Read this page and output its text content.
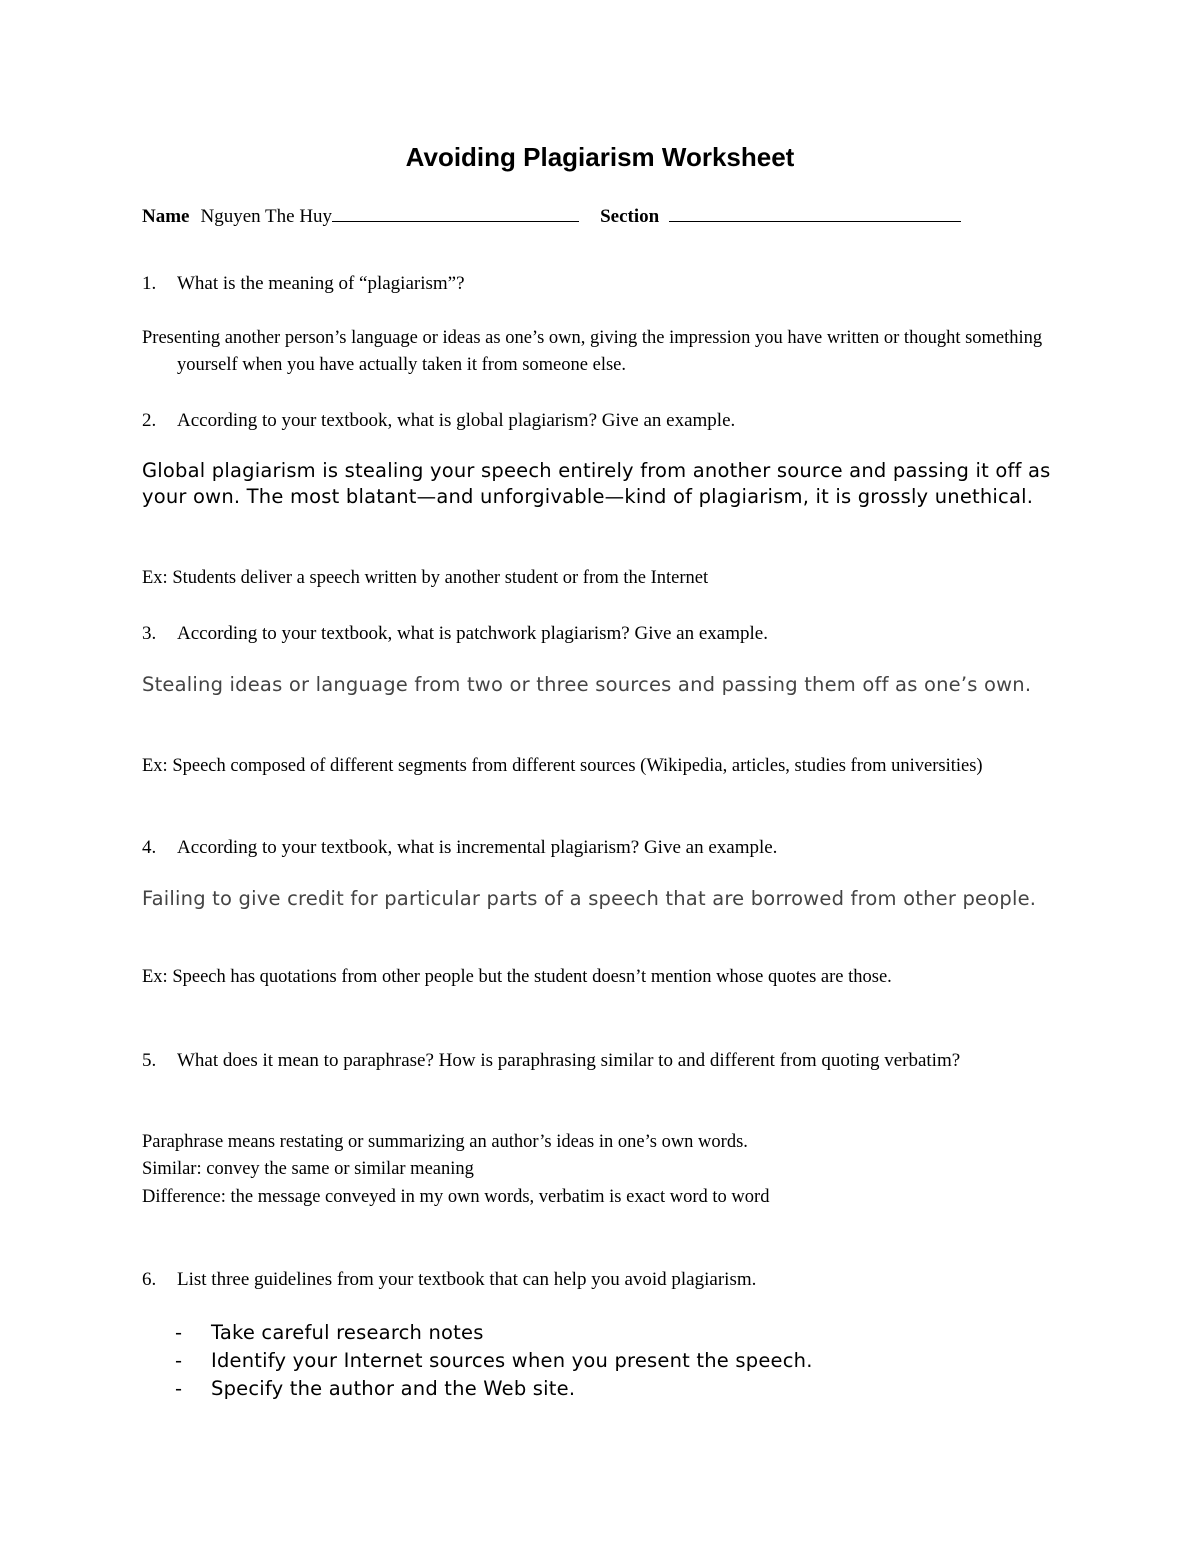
Avoiding Plagiarism Worksheet
Name Nguyen The Huy	Section
1. What is the meaning of “plagiarism”?
Presenting another person’s language or ideas as one’s own, giving the impression you have written or thought something yourself when you have actually taken it from someone else.
2. According to your textbook, what is global plagiarism? Give an example.
Global plagiarism is stealing your speech entirely from another source and passing it off as your own. The most blatant—and unforgivable—kind of plagiarism, it is grossly unethical.
Ex: Students deliver a speech written by another student or from the Internet
3. According to your textbook, what is patchwork plagiarism? Give an example.
Stealing ideas or language from two or three sources and passing them off as one’s own.
Ex: Speech composed of different segments from different sources (Wikipedia, articles, studies from universities)
4. According to your textbook, what is incremental plagiarism? Give an example.
Failing to give credit for particular parts of a speech that are borrowed from other people.
Ex: Speech has quotations from other people but the student doesn’t mention whose quotes are those.
5. What does it mean to paraphrase? How is paraphrasing similar to and different from quoting verbatim?
Paraphrase means restating or summarizing an author’s ideas in one’s own words.
Similar: convey the same or similar meaning
Difference: the message conveyed in my own words, verbatim is exact word to word
6. List three guidelines from your textbook that can help you avoid plagiarism.
- Take careful research notes
- Identify your Internet sources when you present the speech.
- Specify the author and the Web site.
